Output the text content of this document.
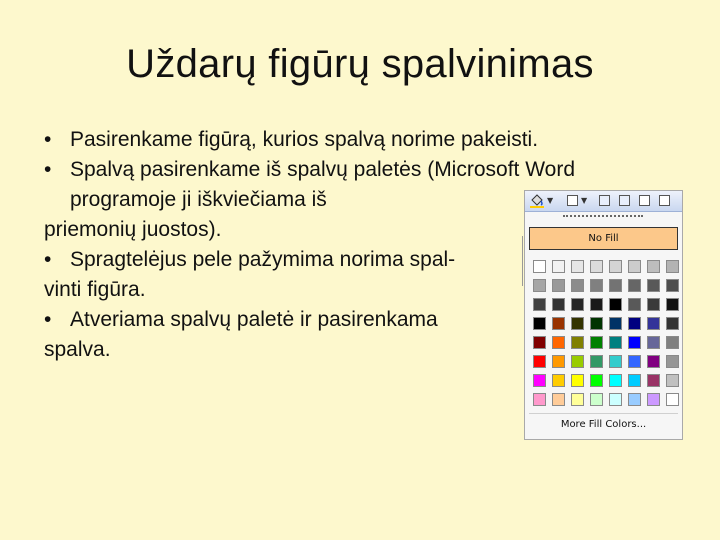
Uždarų figūrų spalvinimas
• Pasirenkame figūrą, kurios spalvą norime pakeisti.
• Spalvą pasirenkame iš spalvų paletės (Microsoft Word
programoje ji iškviečiama iš
priemonių juostos).
• Spragtelėjus pele pažymima norima spal-
vinti figūra.
• Atveriama spalvų paletė ir pasirenkama
spalva.
▼	▼
No Fill
More Fill Colors...
